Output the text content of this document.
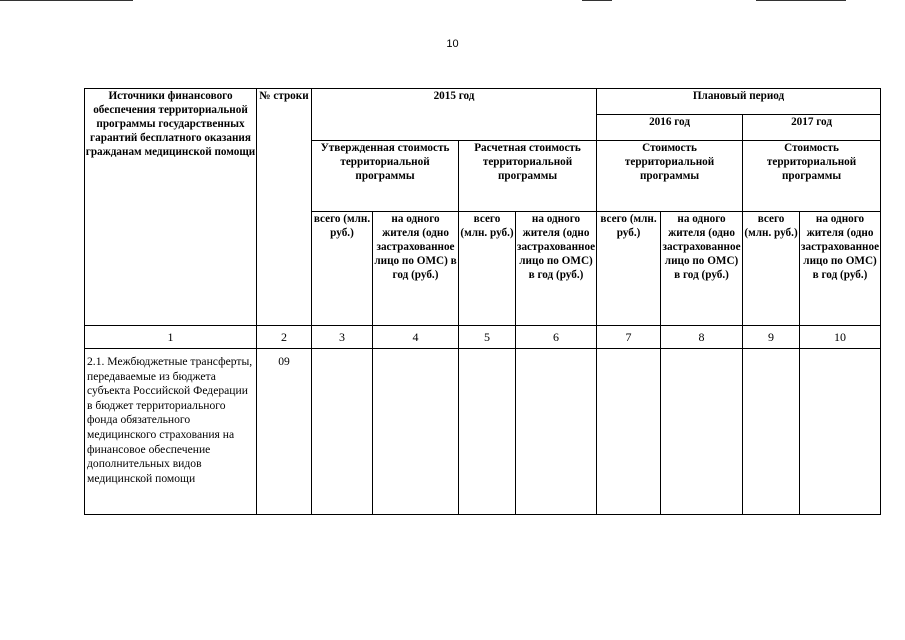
10
Источники финансового обеспечения территориальной программы государственных гарантий бесплатного оказания гражданам медицинской помощи	№ строки	2015 год				Плановый период			
						2016 год		2017 год	
		Утвержденная стоимость территориальной программы		Расчетная стоимость территориальной программы		Стоимость территориальной программы		Стоимость территориальной программы	
		всего (млн. руб.)	на одного жителя (одно застрахованное лицо по ОМС) в год (руб.)	всего (млн. руб.)	на одного жителя (одно застрахованное лицо по ОМС) в год (руб.)	всего (млн. руб.)	на одного жителя (одно застрахованное лицо по ОМС) в год (руб.)	всего (млн. руб.)	на одного жителя (одно застрахованное лицо по ОМС) в год (руб.)
1	2	3	4	5	6	7	8	9	10
2.1. Межбюджетные трансферты, передаваемые из бюджета субъекта Российской Федерации в бюджет территориального фонда обязательного медицинского страхования на финансовое обеспечение дополнительных видов медицинской помощи	09								
